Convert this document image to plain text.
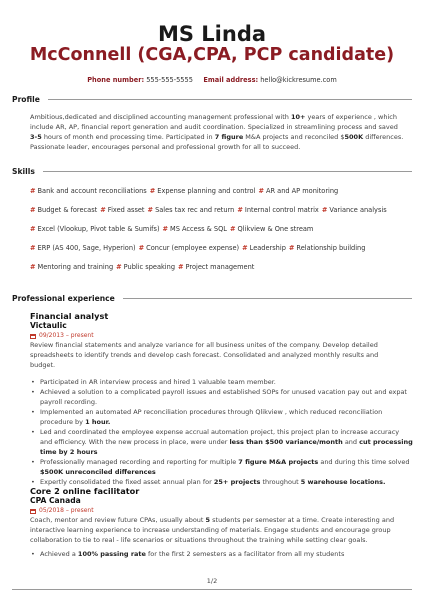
MS Linda
McConnell (CGA,CPA, PCP candidate)
Phone number: 555-555-5555 Email address: hello@kickresume.com
Profile
Ambitious,dedicated and disciplined accounting management professional with 10+ years of experience , which
include AR, AP, financial report generation and audit coordination. Specialized in streamlining process and saved
3-5 hours of month end processing time. Participated in 7 figure M&A projects and reconciled $500K differences.
Passionate leader, encourages personal and professional growth for all to succeed.
Skills
# Bank and account reconciliations # Expense planning and control # AR and AP monitoring
# Budget & forecast # Fixed asset # Sales tax rec and return # Internal control matrix # Variance analysis
# Excel (Vlookup, Pivot table & Sumifs) # MS Access & SQL # Qlikview & One stream
# ERP (AS 400, Sage, Hyperion) # Concur (employee expense) # Leadership # Relationship building
# Mentoring and training # Public speaking # Project management
Professional experience
Financial analyst
Victaulic
09/2013 – present
Review financial statements and analyze variance for all business unites of the company. Develop detailed
spreadsheets to identify trends and develop cash forecast. Consolidated and analyzed monthly results and
budget.
• Participated in AR interview process and hired 1 valuable team member.
• Achieved a solution to a complicated payroll issues and established SOPs for unused vacation pay out and expat
payroll recording.
• Implemented an automated AP reconciliation procedures through Qlikview , which reduced reconciliation
procedure by 1 hour.
• Led and coordinated the employee expense accrual automation project, this project plan to increase accuracy
and efficiency. With the new process in place, were under less than $500 variance/month and cut processing
time by 2 hours
• Professionally managed recording and reporting for multiple 7 figure M&A projects and during this time solved
$500K unreconciled differences
• Expertly consolidated the fixed asset annual plan for 25+ projects throughout 5 warehouse locations.
Core 2 online facilitator
CPA Canada
05/2018 – present
Coach, mentor and review future CPAs, usually about 5 students per semester at a time. Create interesting and
interactive learning experience to increase understanding of materials. Engage students and encourage group
collaboration to tie to real - life scenarios or situations throughout the training while setting clear goals.
• Achieved a 100% passing rate for the first 2 semesters as a facilitator from all my students
1/2
